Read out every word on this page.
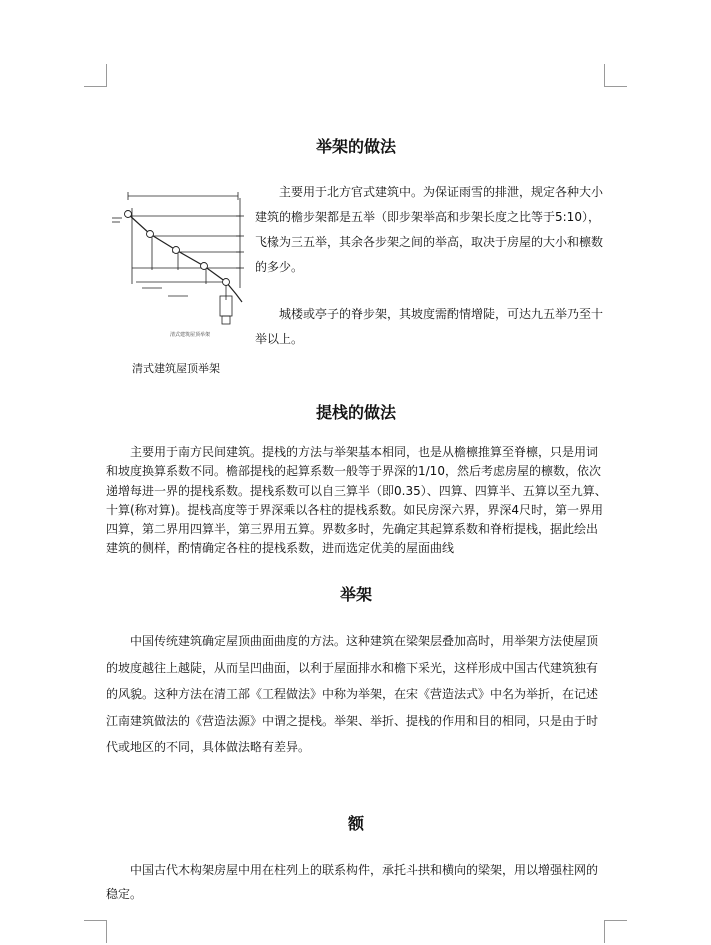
举架的做法
清式建筑屋顶举架

主要用于北方官式建筑中。为保证雨雪的排泄，规定各种大小建筑的檐步架都是五举（即步架举高和步架长度之比等于5:10），飞椽为三五举，其余各步架之间的举高，取决于房屋的大小和檩数的多少。

城楼或亭子的脊步架，其坡度需酌情增陡，可达九五举乃至十举以上。

清式建筑屋顶举架

提栈的做法

主要用于南方民间建筑。提栈的方法与举架基本相同，也是从檐檩推算至脊檩，只是用词和坡度换算系数不同。檐部提栈的起算系数一般等于界深的1/10，然后考虑房屋的檩数，依次递增每进一界的提栈系数。提栈系数可以自三算半（即0.35）、四算、四算半、五算以至九算、十算(称对算)。提栈高度等于界深乘以各柱的提栈系数。如民房深六界，界深4尺时，第一界用四算，第二界用四算半，第三界用五算。界数多时，先确定其起算系数和脊桁提栈，据此绘出建筑的侧样，酌情确定各柱的提栈系数，进而选定优美的屋面曲线

举架

中国传统建筑确定屋顶曲面曲度的方法。这种建筑在梁架层叠加高时，用举架方法使屋顶的坡度越往上越陡，从而呈凹曲面，以利于屋面排水和檐下采光，这样形成中国古代建筑独有的风貌。这种方法在清工部《工程做法》中称为举架，在宋《营造法式》中名为举折，在记述江南建筑做法的《营造法源》中谓之提栈。举架、举折、提栈的作用和目的相同，只是由于时代或地区的不同，具体做法略有差异。

额

中国古代木构架房屋中用在柱列上的联系构件，承托斗拱和横向的梁架，用以增强柱网的稳定。
